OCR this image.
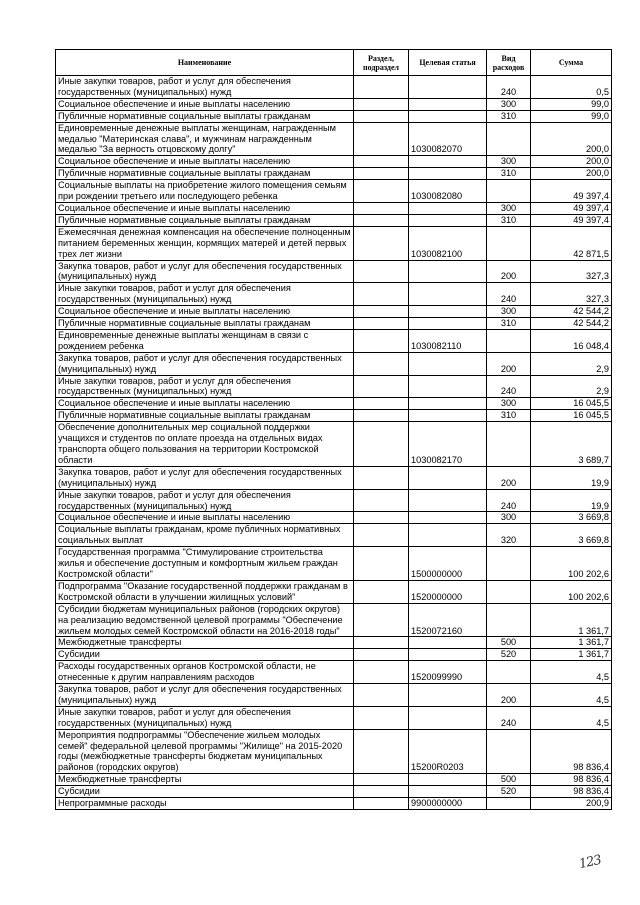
Наименование	Раздел, подраздел	Целевая статья	Вид расходов	Сумма
Иные закупки товаров, работ и услуг для обеспечения государственных (муниципальных) нужд			240	0,5
Социальное обеспечение и иные выплаты населению			300	99,0
Публичные нормативные социальные выплаты гражданам			310	99,0
Единовременные денежные выплаты женщинам, награжденным медалью "Материнская слава", и мужчинам награжденным медалью "За верность отцовскому долгу"		1030082070		200,0
Социальное обеспечение и иные выплаты населению			300	200,0
Публичные нормативные социальные выплаты гражданам			310	200,0
Социальные выплаты на приобретение жилого помещения семьям при рождении третьего или последующего ребенка		1030082080		49 397,4
Социальное обеспечение и иные выплаты населению			300	49 397,4
Публичные нормативные социальные выплаты гражданам			310	49 397,4
Ежемесячная денежная компенсация на обеспечение полноценным питанием беременных женщин, кормящих матерей и детей первых трех лет жизни		1030082100		42 871,5
Закупка товаров, работ и услуг для обеспечения государственных (муниципальных) нужд			200	327,3
Иные закупки товаров, работ и услуг для обеспечения государственных (муниципальных) нужд			240	327,3
Социальное обеспечение и иные выплаты населению			300	42 544,2
Публичные нормативные социальные выплаты гражданам			310	42 544,2
Единовременные денежные выплаты женщинам в связи с рождением ребенка		1030082110		16 048,4
Закупка товаров, работ и услуг для обеспечения государственных (муниципальных) нужд			200	2,9
Иные закупки товаров, работ и услуг для обеспечения государственных (муниципальных) нужд			240	2,9
Социальное обеспечение и иные выплаты населению			300	16 045,5
Публичные нормативные социальные выплаты гражданам			310	16 045,5
Обеспечение дополнительных мер социальной поддержки учащихся и студентов по оплате проезда на отдельных видах транспорта общего пользования на территории Костромской области		1030082170		3 689,7
Закупка товаров, работ и услуг для обеспечения государственных (муниципальных) нужд			200	19,9
Иные закупки товаров, работ и услуг для обеспечения государственных (муниципальных) нужд			240	19,9
Социальное обеспечение и иные выплаты населению			300	3 669,8
Социальные выплаты гражданам, кроме публичных нормативных социальных выплат			320	3 669,8
Государственная программа "Стимулирование строительства жилья и обеспечение доступным и комфортным жильем граждан Костромской области"		1500000000		100 202,6
Подпрограмма "Оказание государственной поддержки гражданам в Костромской области в улучшении жилищных условий"		1520000000		100 202,6
Субсидии бюджетам муниципальных районов (городских округов) на реализацию ведомственной целевой программы "Обеспечение жильем молодых семей Костромской области на 2016-2018 годы"		1520072160		1 361,7
Межбюджетные трансферты			500	1 361,7
Субсидии			520	1 361,7
Расходы государственных органов Костромской области, не отнесенные к другим направлениям расходов		1520099990		4,5
Закупка товаров, работ и услуг для обеспечения государственных (муниципальных) нужд			200	4,5
Иные закупки товаров, работ и услуг для обеспечения государственных (муниципальных) нужд			240	4,5
Мероприятия подпрограммы "Обеспечение жильем молодых семей" федеральной целевой программы "Жилище" на 2015-2020 годы (межбюджетные трансферты бюджетам муниципальных районов (городских округов)		15200R0203		98 836,4
Межбюджетные трансферты			500	98 836,4
Субсидии			520	98 836,4
Непрограммные расходы		9900000000		200,9
123
